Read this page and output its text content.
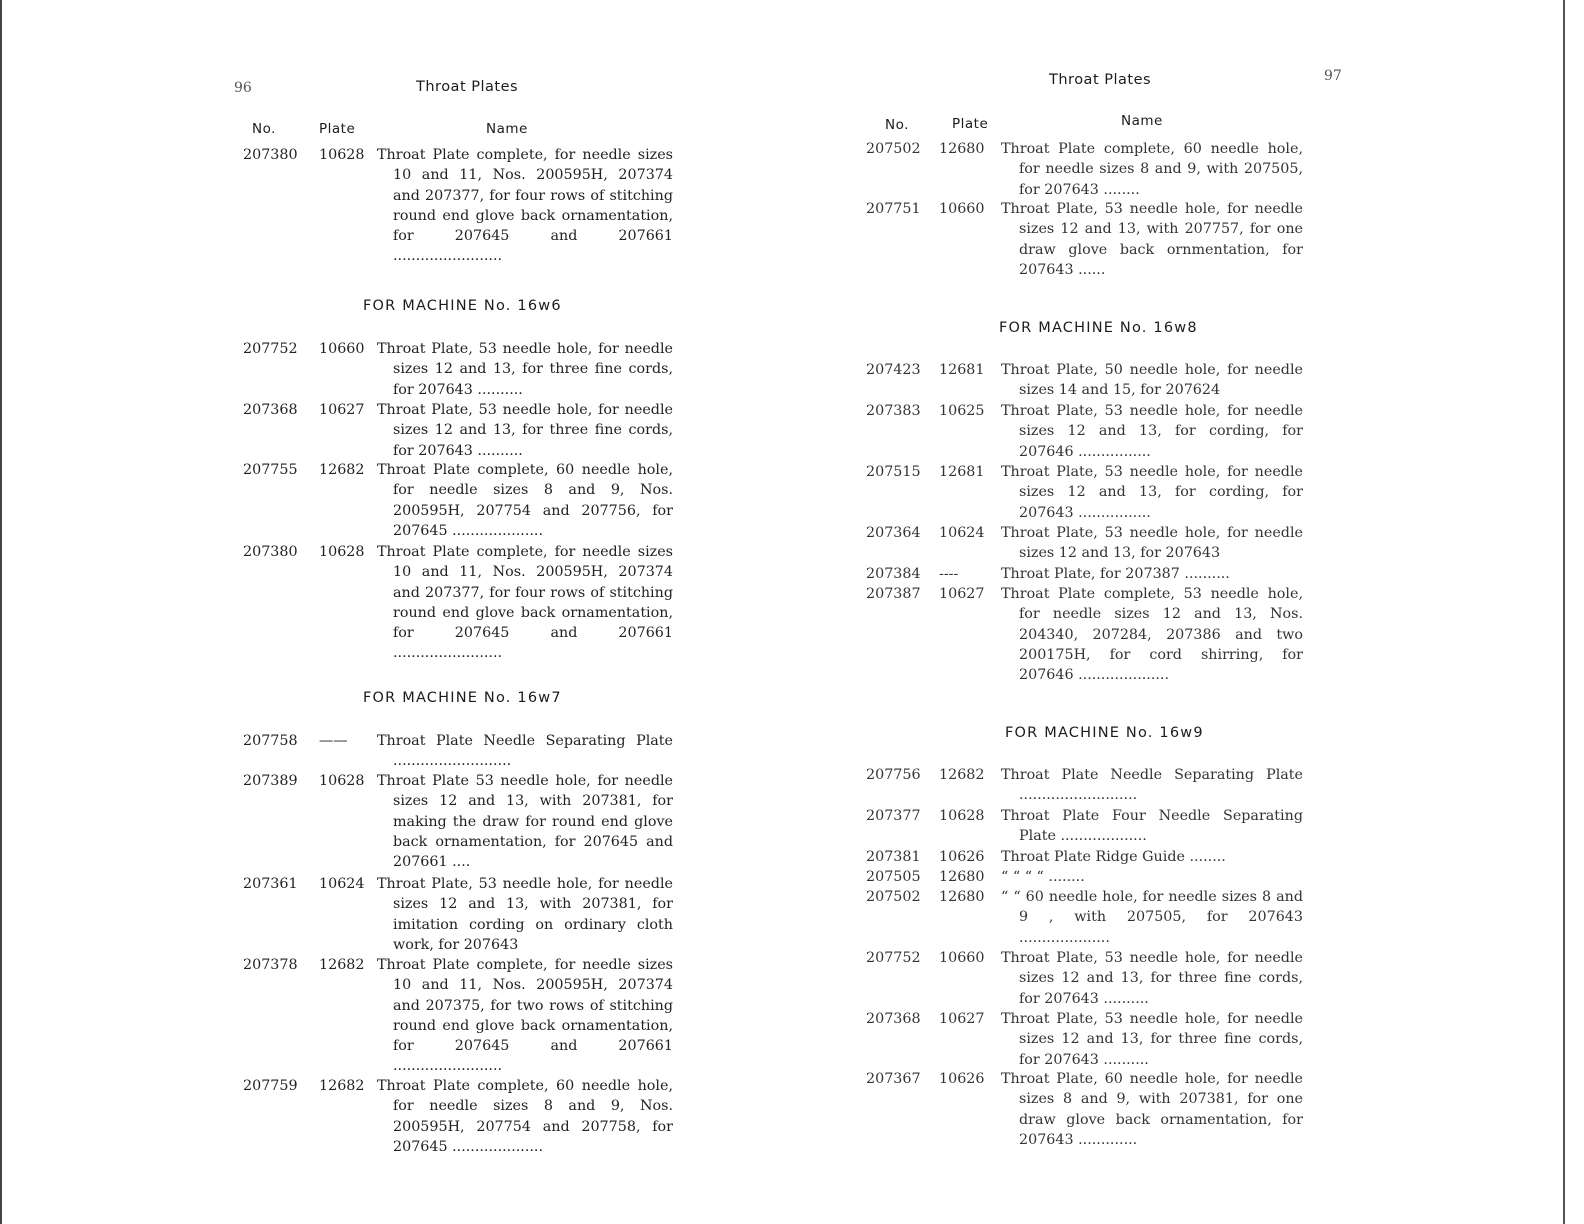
96	Throat Plates
No.	Plate	Name
207380 10628 Throat Plate complete, for needle sizes 10 and 11, Nos. 200595H, 207374 and 207377, for four rows of stitching round end glove back ornamentation, for 207645 and 207661 ........................
FOR MACHINE No. 16w6
207752 10660 Throat Plate, 53 needle hole, for needle sizes 12 and 13, for three fine cords, for 207643 ..........
207368 10627 Throat Plate, 53 needle hole, for needle sizes 12 and 13, for three fine cords, for 207643 ..........
207755 12682 Throat Plate complete, 60 needle hole, for needle sizes 8 and 9, Nos. 200595H, 207754 and 207756, for 207645 ....................
207380 10628 Throat Plate complete, for needle sizes 10 and 11, Nos. 200595H, 207374 and 207377, for four rows of stitching round end glove back ornamentation, for 207645 and 207661 ........................
FOR MACHINE No. 16w7
207758 —— Throat Plate Needle Separating Plate ..........................
207389 10628 Throat Plate 53 needle hole, for needle sizes 12 and 13, with 207381, for making the draw for round end glove back ornamentation, for 207645 and 207661 ....
207361 10624 Throat Plate, 53 needle hole, for needle sizes 12 and 13, with 207381, for imitation cording on ordinary cloth work, for 207643
207378 12682 Throat Plate complete, for needle sizes 10 and 11, Nos. 200595H, 207374 and 207375, for two rows of stitching round end glove back ornamentation, for 207645 and 207661 ........................
207759 12682 Throat Plate complete, 60 needle hole, for needle sizes 8 and 9, Nos. 200595H, 207754 and 207758, for 207645 ....................
97
Throat Plates
No.	Plate	Name
207502 12680 Throat Plate complete, 60 needle hole, for needle sizes 8 and 9, with 207505, for 207643 ........
207751 10660 Throat Plate, 53 needle hole, for needle sizes 12 and 13, with 207757, for one draw glove back ornmentation, for 207643 ......
FOR MACHINE No. 16w8
207423 12681 Throat Plate, 50 needle hole, for needle sizes 14 and 15, for 207624
207383 10625 Throat Plate, 53 needle hole, for needle sizes 12 and 13, for cording, for 207646 ................
207515 12681 Throat Plate, 53 needle hole, for needle sizes 12 and 13, for cording, for 207643 ................
207364 10624 Throat Plate, 53 needle hole, for needle sizes 12 and 13, for 207643
207384 ----	Throat Plate, for 207387 ..........
207387 10627 Throat Plate complete, 53 needle hole, for needle sizes 12 and 13, Nos. 204340, 207284, 207386 and two 200175H, for cord shirring, for 207646 ....................
FOR MACHINE No. 16w9
207756 12682 Throat Plate Needle Separating Plate ..........................
207377 10628 Throat Plate Four Needle Separating Plate ...................
207381 10626 Throat Plate Ridge Guide ........
207505 12680 “ “ “ “ ........
207502 12680 “ “ 60 needle hole, for needle sizes 8 and 9 , with 207505, for 207643 ....................
207752 10660 Throat Plate, 53 needle hole, for needle sizes 12 and 13, for three fine cords, for 207643 ..........
207368 10627 Throat Plate, 53 needle hole, for needle sizes 12 and 13, for three fine cords, for 207643 ..........
207367 10626 Throat Plate, 60 needle hole, for needle sizes 8 and 9, with 207381, for one draw glove back ornamentation, for 207643 .............
